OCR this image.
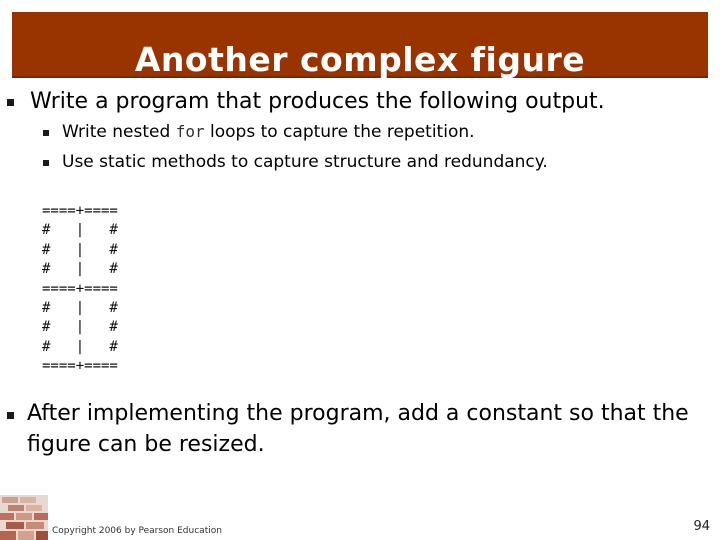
Another complex figure
Write a program that produces the following output.
Write nested for loops to capture the repetition.
Use static methods to capture structure and redundancy.
====+====
#   |   #
#   |   #
#   |   #
====+====
#   |   #
#   |   #
#   |   #
====+====
After implementing the program, add a constant so that the figure can be resized.
Copyright 2006 by Pearson Education	94
